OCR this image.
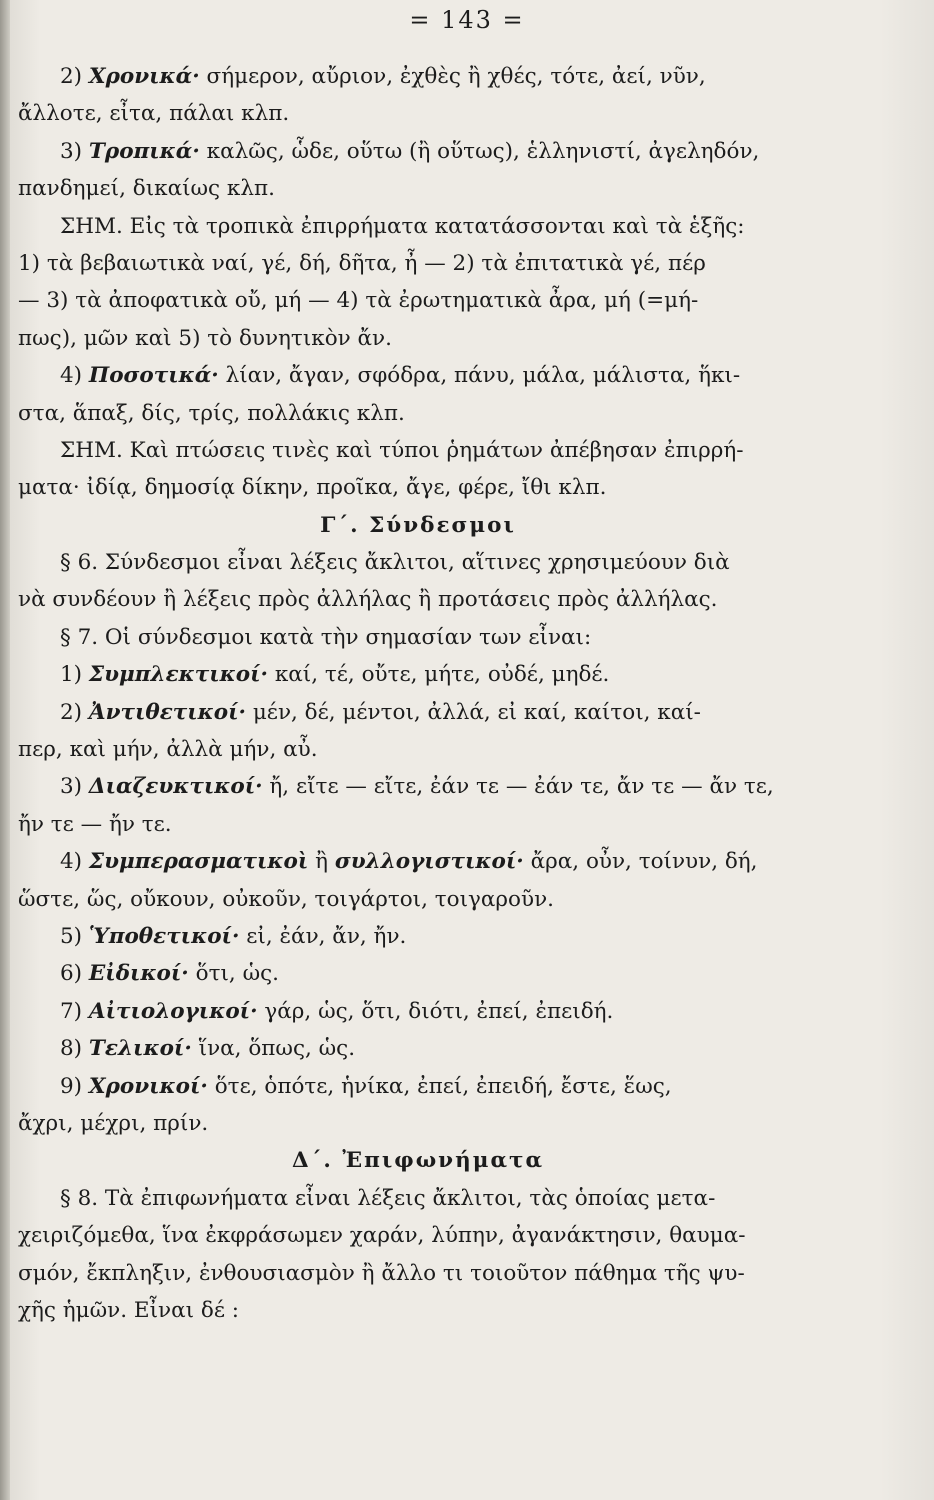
= 143 =
2) Χρονικά· σήμερον, αὔριον, ἐχθὲς ἢ χθές, τότε, ἀεί, νῦν,
ἄλλοτε, εἶτα, πάλαι κλπ.
3) Τροπικά· καλῶς, ὧδε, οὕτω (ἢ οὕτως), ἑλληνιστί, ἀγεληδόν,
πανδημεί, δικαίως κλπ.
ΣΗΜ. Εἰς τὰ τροπικὰ ἐπιρρήματα κατατάσσονται καὶ τὰ ἑξῆς:
1) τὰ βεβαιωτικὰ ναί, γέ, δή, δῆτα, ἦ — 2) τὰ ἐπιτατικὰ γέ, πέρ
— 3) τὰ ἀποφατικὰ οὔ, μή — 4) τὰ ἐρωτηματικὰ ἆρα, μή (=μή-
πως), μῶν καὶ 5) τὸ δυνητικὸν ἄν.
4) Ποσοτικά· λίαν, ἄγαν, σφόδρα, πάνυ, μάλα, μάλιστα, ἥκι-
στα, ἅπαξ, δίς, τρίς, πολλάκις κλπ.
ΣΗΜ. Καὶ πτώσεις τινὲς καὶ τύποι ῥημάτων ἀπέβησαν ἐπιρρή-
ματα· ἰδίᾳ, δημοσίᾳ δίκην, προῖκα, ἄγε, φέρε, ἴθι κλπ.
Γ΄. Σύνδεσμοι
§ 6. Σύνδεσμοι εἶναι λέξεις ἄκλιτοι, αἵτινες χρησιμεύουν διὰ
νὰ συνδέουν ἢ λέξεις πρὸς ἀλλήλας ἢ προτάσεις πρὸς ἀλλήλας.
§ 7. Οἱ σύνδεσμοι κατὰ τὴν σημασίαν των εἶναι:
1) Συμπλεκτικοί· καί, τέ, οὔτε, μήτε, οὐδέ, μηδέ.
2) Ἀντιθετικοί· μέν, δέ, μέντοι, ἀλλά, εἰ καί, καίτοι, καί-
περ, καὶ μήν, ἀλλὰ μήν, αὖ.
3) Διαζευκτικοί· ἤ, εἴτε — εἴτε, ἐάν τε — ἐάν τε, ἄν τε — ἄν τε,
ἤν τε — ἤν τε.
4) Συμπερασματικοὶ ἢ συλλογιστικοί· ἄρα, οὖν, τοίνυν, δή,
ὥστε, ὥς, οὔκουν, οὐκοῦν, τοιγάρτοι, τοιγαροῦν.
5) Ὑποθετικοί· εἰ, ἐάν, ἄν, ἤν.
6) Εἰδικοί· ὅτι, ὡς.
7) Αἰτιολογικοί· γάρ, ὡς, ὅτι, διότι, ἐπεί, ἐπειδή.
8) Τελικοί· ἵνα, ὅπως, ὡς.
9) Χρονικοί· ὅτε, ὁπότε, ἡνίκα, ἐπεί, ἐπειδή, ἔστε, ἕως,
ἄχρι, μέχρι, πρίν.
Δ΄. Ἐπιφωνήματα
§ 8. Τὰ ἐπιφωνήματα εἶναι λέξεις ἄκλιτοι, τὰς ὁποίας μετα-
χειριζόμεθα, ἵνα ἐκφράσωμεν χαράν, λύπην, ἀγανάκτησιν, θαυμα-
σμόν, ἔκπληξιν, ἐνθουσιασμὸν ἢ ἄλλο τι τοιοῦτον πάθημα τῆς ψυ-
χῆς ἡμῶν. Εἶναι δέ :
